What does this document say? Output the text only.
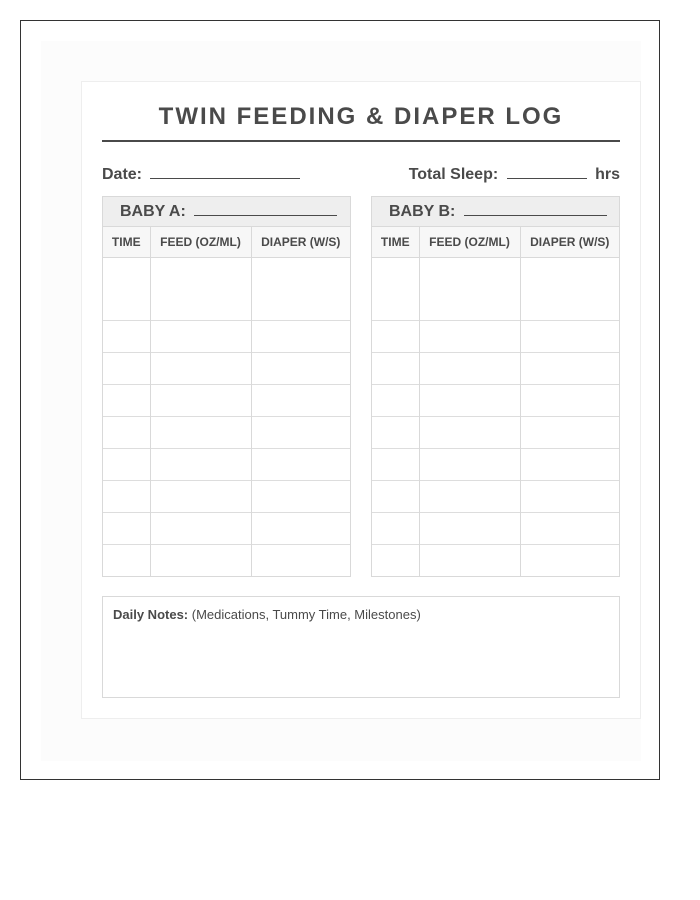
TWIN FEEDING & DIAPER LOG
Date:	Total Sleep:	hrs
BABY A:
TIME	FEED (OZ/ML)	DIAPER (W/S)

BABY B:
TIME	FEED (OZ/ML)	DIAPER (W/S)

Daily Notes: (Medications, Tummy Time, Milestones)
